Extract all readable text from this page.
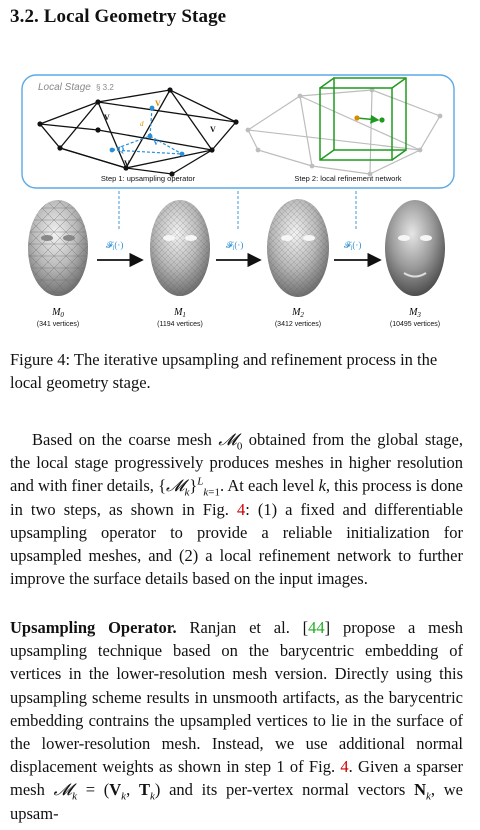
3.2. Local Geometry Stage
Local Stage § 3.2
V
Q
V
V
V
V
d
Step 1: upsampling operator	Step 2: local refinement network
𝓕$_l$(·)	𝓕$_l$(·)	𝓕$_l$(·)
$M_0$	$M_1$	$M_2$	$M_3$
(341 vertices)	(1194 vertices)	(3412 vertices)	(10495 vertices)
Figure 4: The iterative upsampling and refinement process in the local geometry stage.
Based on the coarse mesh 𝓜$_0$ obtained from the global stage, the local stage progressively produces meshes in higher resolution and with finer details, {𝓜$_k$}$^L_{k=1}$. At each level k, this process is done in two steps, as shown in Fig. 4: (1) a fixed and differentiable upsampling operator to provide a reliable initialization for upsampled meshes, and (2) a local refinement network to further improve the surface details based on the input images.
Upsampling Operator. Ranjan et al. [44] propose a mesh upsampling technique based on the barycentric embedding of vertices in the lower-resolution mesh version. Directly using this upsampling scheme results in unsmooth artifacts, as the barycentric embedding contrains the upsampled vertices to lie in the surface of the lower-resolution mesh. Instead, we use additional normal displacement weights as shown in step 1 of Fig. 4. Given a sparser mesh 𝓜$_k$ = ($V_k$, $T_k$) and its per-vertex normal vectors $N_k$, we upsam-
